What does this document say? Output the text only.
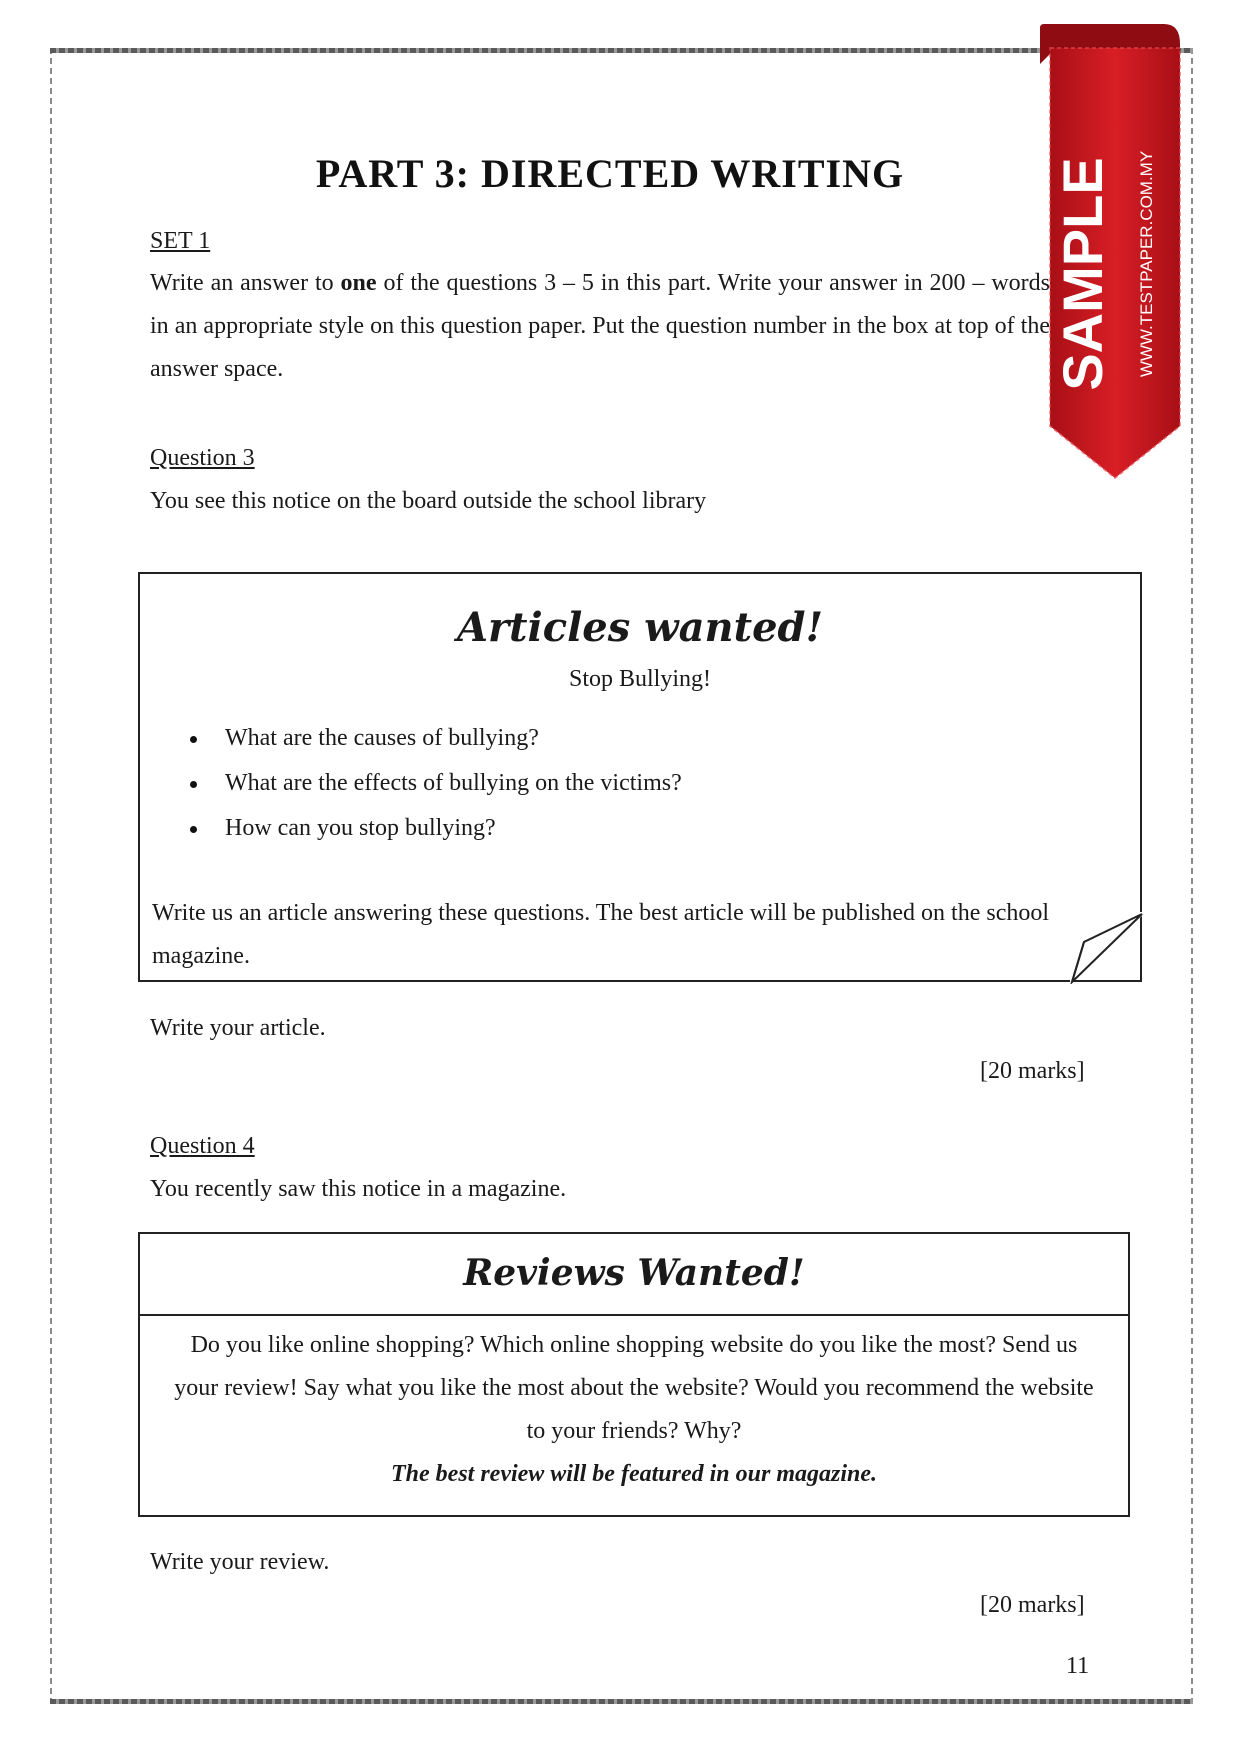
PART 3: DIRECTED WRITING
SET 1
Write an answer to one of the questions 3 – 5 in this part. Write your answer in 200 – words in an appropriate style on this question paper. Put the question number in the box at top of the answer space.
Question 3
You see this notice on the board outside the school library
Articles wanted!
Stop Bullying!
What are the causes of bullying?
What are the effects of bullying on the victims?
How can you stop bullying?
Write us an article answering these questions. The best article will be published on the school magazine.
Write your article.
[20 marks]
Question 4
You recently saw this notice in a magazine.
Reviews Wanted!
Do you like online shopping? Which online shopping website do you like the most? Send us your review! Say what you like the most about the website? Would you recommend the website to your friends? Why?
The best review will be featured in our magazine.
Write your review.
[20 marks]
11
SAMPLE WWW.TESTPAPER.COM.MY
